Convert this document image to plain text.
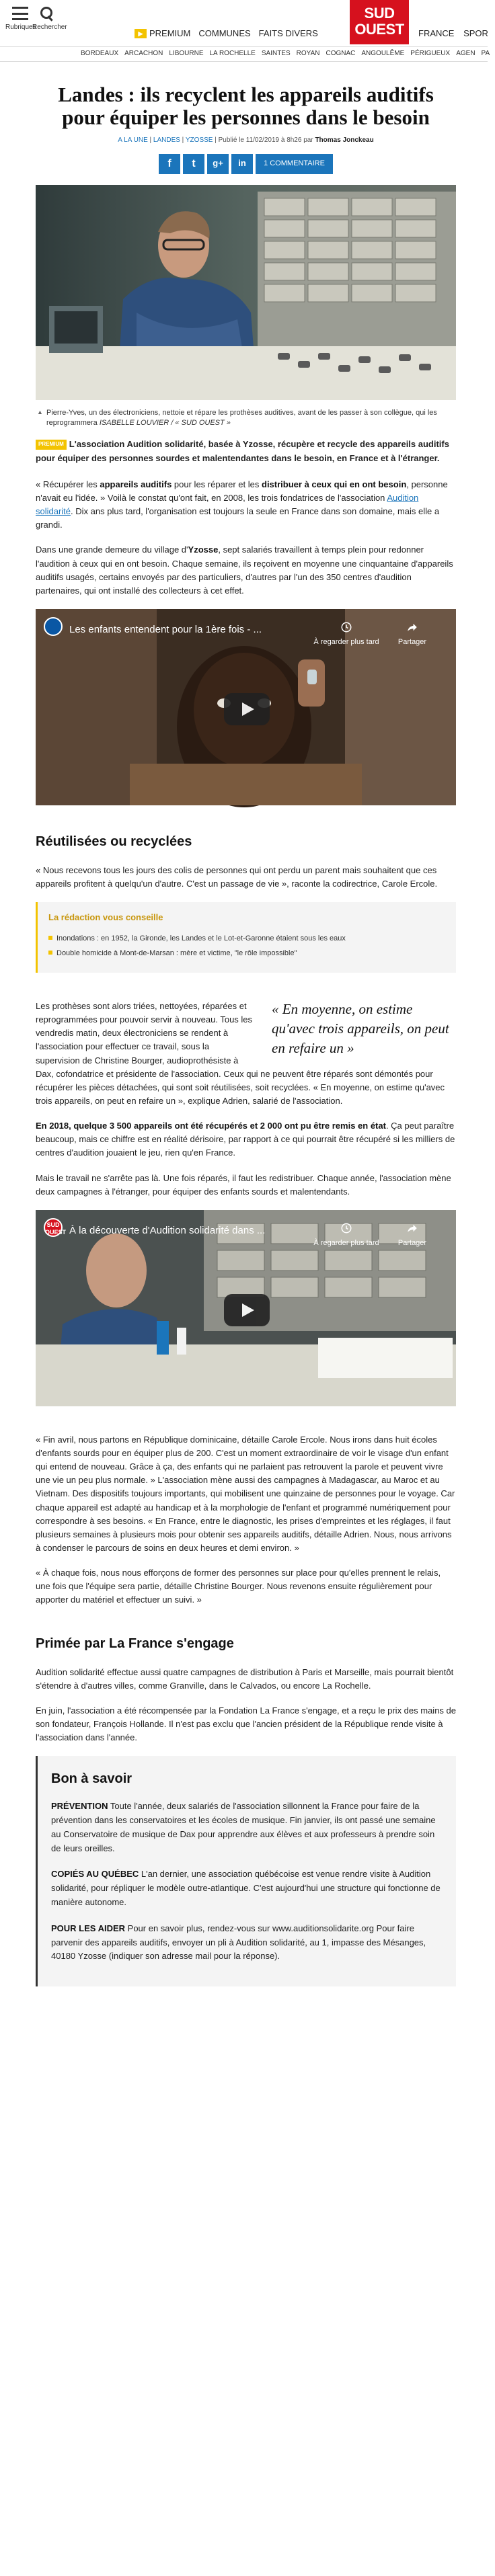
Rubriques
Rechercher
▶ PREMIUM COMMUNES FAITS DIVERS
SUD
OUEST	FRANCE SPOR
BORDEAUX ARCACHON LIBOURNE LA ROCHELLE SAINTES ROYAN COGNAC ANGOULÊME PÉRIGUEUX AGEN PA
Landes : ils recyclent les appareils auditifs pour équiper les personnes dans le besoin
A LA UNE | LANDES | YZOSSE | Publié le 11/02/2019 à 8h26 par Thomas Jonckeau
f	t	g+	in	1 COMMENTAIRE
▲ Pierre-Yves, un des électroniciens, nettoie et répare les prothèses auditives, avant de les passer à son collègue, qui les reprogrammera ISABELLE LOUVIER / « SUD OUEST »

PREMIUM L'association Audition solidarité, basée à Yzosse, récupère et recycle des appareils auditifs pour équiper des personnes sourdes et malentendantes dans le besoin, en France et à l'étranger.

« Récupérer les appareils auditifs pour les réparer et les distribuer à ceux qui en ont besoin, personne n'avait eu l'idée. » Voilà le constat qu'ont fait, en 2008, les trois fondatrices de l'association Audition solidarité. Dix ans plus tard, l'organisation est toujours la seule en France dans son domaine, mais elle a grandi.

Dans une grande demeure du village d'Yzosse, sept salariés travaillent à temps plein pour redonner l'audition à ceux qui en ont besoin. Chaque semaine, ils reçoivent en moyenne une cinquantaine d'appareils auditifs usagés, certains envoyés par des particuliers, d'autres par l'un des 350 centres d'audition partenaires, qui ont installé des collecteurs à cet effet.

Les enfants entendent pour la 1ère fois - ...
À regarder plus tard	Partager
Réutilisées ou recyclées

« Nous recevons tous les jours des colis de personnes qui ont perdu un parent mais souhaitent que ces appareils profitent à quelqu'un d'autre. C'est un passage de vie », raconte la codirectrice, Carole Ercole.

La rédaction vous conseille
Inondations : en 1952, la Gironde, les Landes et le Lot-et-Garonne étaient sous les eaux
Double homicide à Mont-de-Marsan : mère et victime, "le rôle impossible"
« En moyenne, on estime qu'avec trois appareils, on peut en refaire un »

Les prothèses sont alors triées, nettoyées, réparées et reprogrammées pour pouvoir servir à nouveau. Tous les vendredis matin, deux électroniciens se rendent à l'association pour effectuer ce travail, sous la supervision de Christine Bourger, audioprothésiste à Dax, cofondatrice et présidente de l'association. Ceux qui ne peuvent être réparés sont démontés pour récupérer les pièces détachées, qui sont soit réutilisées, soit recyclées. « En moyenne, on estime qu'avec trois appareils, on peut en refaire un », explique Adrien, salarié de l'association.

En 2018, quelque 3 500 appareils ont été récupérés et 2 000 ont pu être remis en état. Ça peut paraître beaucoup, mais ce chiffre est en réalité dérisoire, par rapport à ce qui pourrait être récupéré si les milliers de centres d'audition jouaient le jeu, rien qu'en France.

Mais le travail ne s'arrête pas là. Une fois réparés, il faut les redistribuer. Chaque année, l'association mène deux campagnes à l'étranger, pour équiper des enfants sourds et malentendants.

SUD OUEST À la découverte d'Audition solidarité dans ...
À regarder plus tard	Partager

« Fin avril, nous partons en République dominicaine, détaille Carole Ercole. Nous irons dans huit écoles d'enfants sourds pour en équiper plus de 200. C'est un moment extraordinaire de voir le visage d'un enfant qui entend de nouveau. Grâce à ça, des enfants qui ne parlaient pas retrouvent la parole et peuvent vivre une vie un peu plus normale. » L'association mène aussi des campagnes à Madagascar, au Maroc et au Vietnam. Des dispositifs toujours importants, qui mobilisent une quinzaine de personnes pour le voyage. Car chaque appareil est adapté au handicap et à la morphologie de l'enfant et programmé numériquement pour correspondre à ses besoins. « En France, entre le diagnostic, les prises d'empreintes et les réglages, il faut plusieurs semaines à plusieurs mois pour obtenir ses appareils auditifs, détaille Adrien. Nous, nous arrivons à condenser le parcours de soins en deux heures et demi environ. »

« À chaque fois, nous nous efforçons de former des personnes sur place pour qu'elles prennent le relais, une fois que l'équipe sera partie, détaille Christine Bourger. Nous revenons ensuite régulièrement pour apporter du matériel et effectuer un suivi. »

Primée par La France s'engage

Audition solidarité effectue aussi quatre campagnes de distribution à Paris et Marseille, mais pourrait bientôt s'étendre à d'autres villes, comme Granville, dans le Calvados, ou encore La Rochelle.

En juin, l'association a été récompensée par la Fondation La France s'engage, et a reçu le prix des mains de son fondateur, François Hollande. Il n'est pas exclu que l'ancien président de la République rende visite à l'association dans l'année.

Bon à savoir

PRÉVENTION Toute l'année, deux salariés de l'association sillonnent la France pour faire de la prévention dans les conservatoires et les écoles de musique. Fin janvier, ils ont passé une semaine au Conservatoire de musique de Dax pour apprendre aux élèves et aux professeurs à prendre soin de leurs oreilles.

COPIÉS AU QUÉBEC L'an dernier, une association québécoise est venue rendre visite à Audition solidarité, pour répliquer le modèle outre-atlantique. C'est aujourd'hui une structure qui fonctionne de manière autonome.

POUR LES AIDER Pour en savoir plus, rendez-vous sur www.auditionsolidarite.org Pour faire parvenir des appareils auditifs, envoyer un pli à Audition solidarité, au 1, impasse des Mésanges, 40180 Yzosse (indiquer son adresse mail pour la réponse).
